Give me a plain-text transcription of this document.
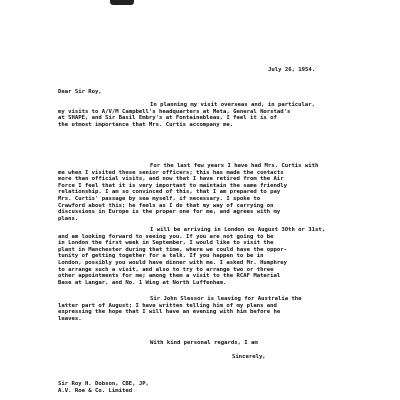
July 26, 1954.
Dear Sir Roy,
In planning my visit overseas and, in particular,
my visits to A/V/M Campbell's headquarters at Meta, General Norstad's
at SHAPE, and Sir Basil Embry's at Fontainebleau, I feel it is of
the utmost importance that Mrs. Curtis accompany me.
For the last few years I have had Mrs. Curtis with
me when I visited these senior officers; this has made the contacts
more than official visits, and now that I have retired from the Air
Force I feel that it is very important to maintain the same friendly
relationship. I am so convinced of this, that I am prepared to pay
Mrs. Curtis' passage by sea myself, if necessary. I spoke to
Crawford about this; he feels as I do that my way of carrying on
discussions in Europe is the proper one for me, and agrees with my
plans.
I will be arriving in London on August 30th or 31st,
and am looking forward to seeing you. If you are not going to be
in London the first week in September, I would like to visit the
plant in Manchester during that time, where we could have the oppor-
tunity of getting together for a talk. If you happen to be in
London, possibly you would have dinner with me. I asked Mr. Humphrey
to arrange such a visit, and also to try to arrange two or three
other appointments for me; among them a visit to the RCAF Material
Base at Langar, and No. 1 Wing at North Luffenham.
Sir John Slessor is leaving for Australia the
latter part of August; I have written telling him of my plans and
expressing the hope that I will have an evening with him before he
leaves.
With kind personal regards, I am
Sincerely,
Sir Roy H. Dobson, CBE, JP,
A.V. Roe & Co. Limited
